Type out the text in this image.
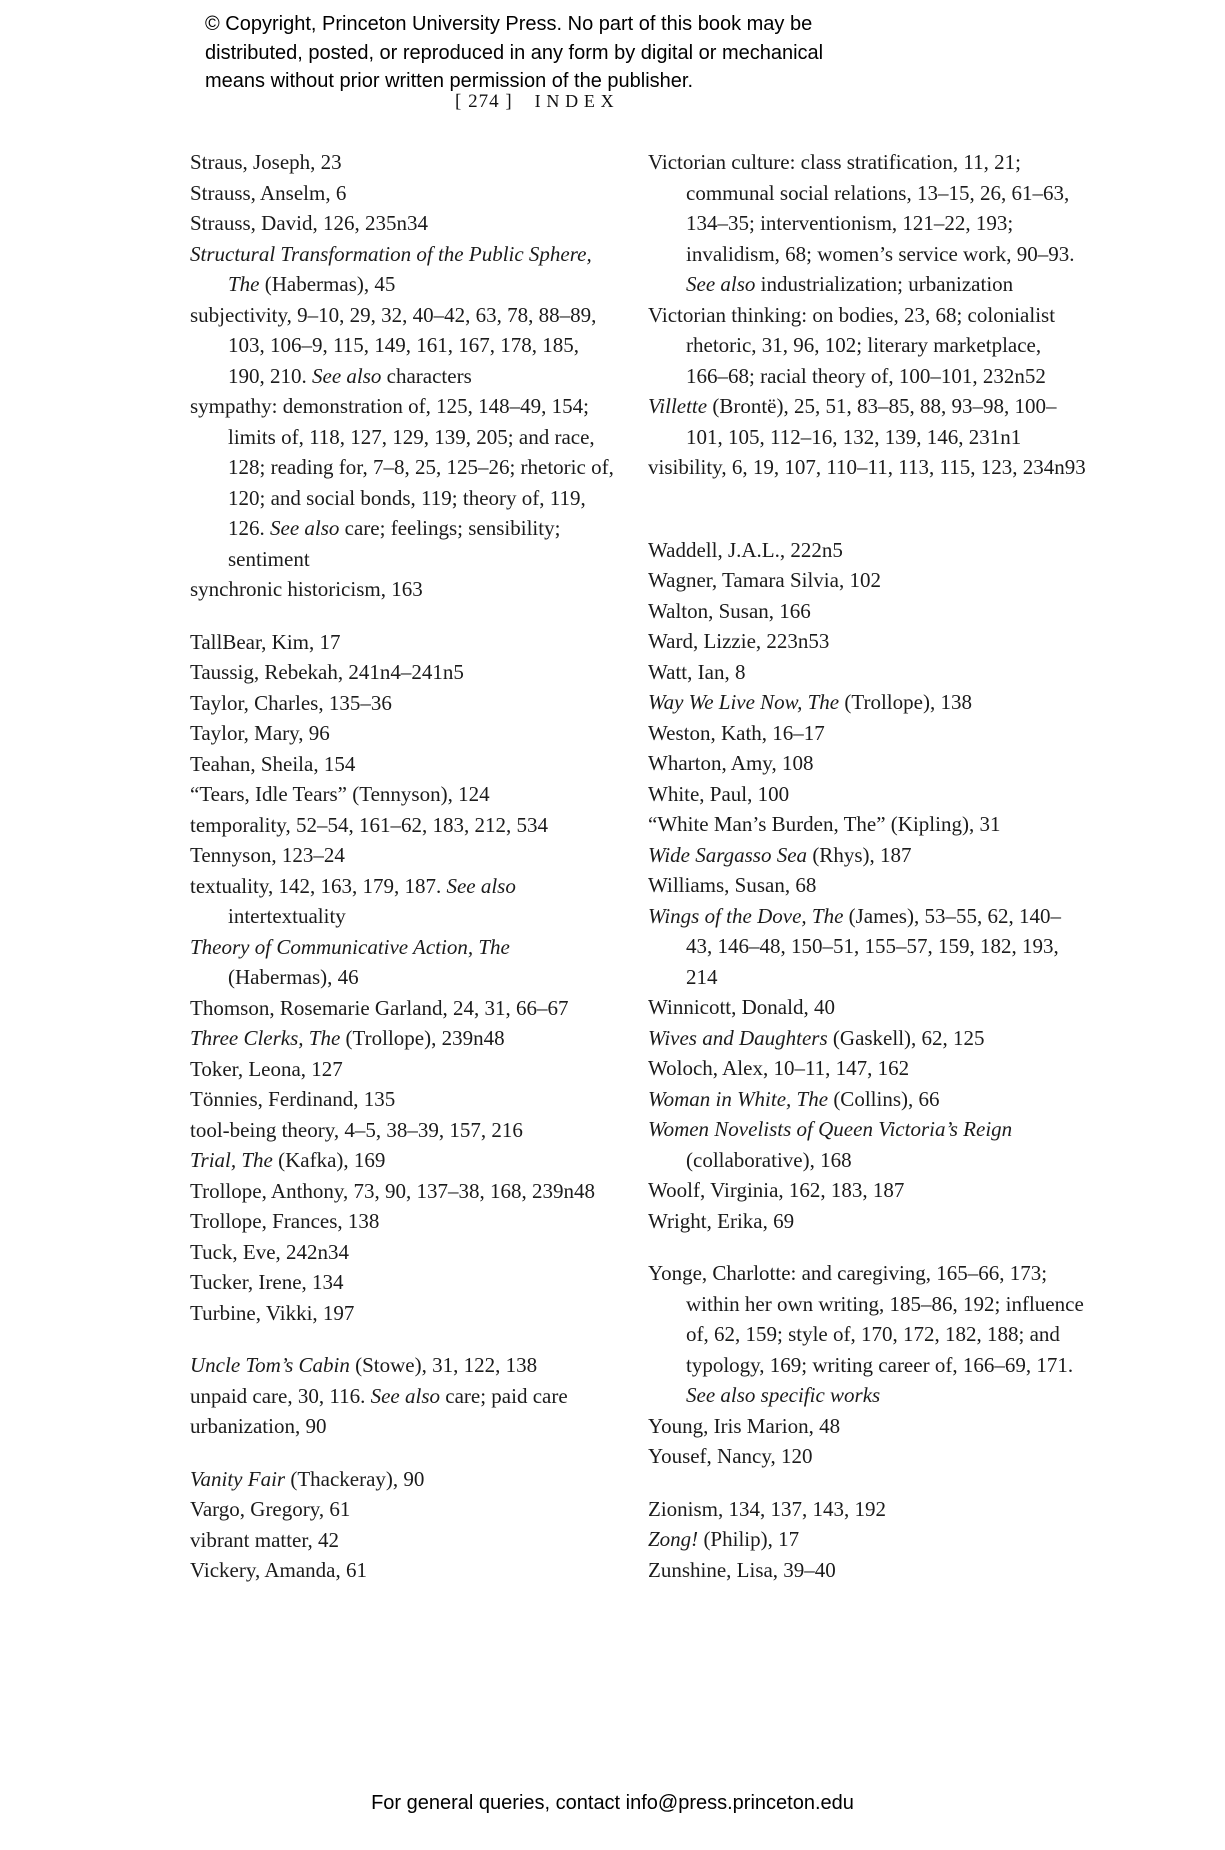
© Copyright, Princeton University Press. No part of this book may be
distributed, posted, or reproduced in any form by digital or mechanical
means without prior written permission of the publisher.
[ 274 ] INDEX

Straus, Joseph, 23

Strauss, Anselm, 6

Strauss, David, 126, 235n34

Structural Transformation of the Public Sphere, The (Habermas), 45

subjectivity, 9–10, 29, 32, 40–42, 63, 78, 88–89, 103, 106–9, 115, 149, 161, 167, 178, 185, 190, 210. See also characters

sympathy: demonstration of, 125, 148–49, 154; limits of, 118, 127, 129, 139, 205; and race, 128; reading for, 7–8, 25, 125–26; rhetoric of, 120; and social bonds, 119; theory of, 119, 126. See also care; feelings; sensibility; sentiment

synchronic historicism, 163

TallBear, Kim, 17

Taussig, Rebekah, 241n4–241n5

Taylor, Charles, 135–36

Taylor, Mary, 96

Teahan, Sheila, 154

“Tears, Idle Tears” (Tennyson), 124

temporality, 52–54, 161–62, 183, 212, 534

Tennyson, 123–24

textuality, 142, 163, 179, 187. See also intertextuality

Theory of Communicative Action, The (Habermas), 46

Thomson, Rosemarie Garland, 24, 31, 66–67

Three Clerks, The (Trollope), 239n48

Toker, Leona, 127

Tönnies, Ferdinand, 135

tool-being theory, 4–5, 38–39, 157, 216

Trial, The (Kafka), 169

Trollope, Anthony, 73, 90, 137–38, 168, 239n48

Trollope, Frances, 138

Tuck, Eve, 242n34

Tucker, Irene, 134

Turbine, Vikki, 197

Uncle Tom’s Cabin (Stowe), 31, 122, 138

unpaid care, 30, 116. See also care; paid care

urbanization, 90

Vanity Fair (Thackeray), 90

Vargo, Gregory, 61

vibrant matter, 42

Vickery, Amanda, 61

Victorian culture: class stratification, 11, 21; communal social relations, 13–15, 26, 61–63, 134–35; interventionism, 121–22, 193; invalidism, 68; women’s service work, 90–93. See also industrialization; urbanization

Victorian thinking: on bodies, 23, 68; colonialist rhetoric, 31, 96, 102; literary marketplace, 166–68; racial theory of, 100–101, 232n52

Villette (Brontë), 25, 51, 83–85, 88, 93–98, 100–101, 105, 112–16, 132, 139, 146, 231n1

visibility, 6, 19, 107, 110–11, 113, 115, 123, 234n93

Waddell, J.A.L., 222n5

Wagner, Tamara Silvia, 102

Walton, Susan, 166

Ward, Lizzie, 223n53

Watt, Ian, 8

Way We Live Now, The (Trollope), 138

Weston, Kath, 16–17

Wharton, Amy, 108

White, Paul, 100

“White Man’s Burden, The” (Kipling), 31

Wide Sargasso Sea (Rhys), 187

Williams, Susan, 68

Wings of the Dove, The (James), 53–55, 62, 140–43, 146–48, 150–51, 155–57, 159, 182, 193, 214

Winnicott, Donald, 40

Wives and Daughters (Gaskell), 62, 125

Woloch, Alex, 10–11, 147, 162

Woman in White, The (Collins), 66

Women Novelists of Queen Victoria’s Reign (collaborative), 168

Woolf, Virginia, 162, 183, 187

Wright, Erika, 69

Yonge, Charlotte: and caregiving, 165–66, 173; within her own writing, 185–86, 192; influence of, 62, 159; style of, 170, 172, 182, 188; and typology, 169; writing career of, 166–69, 171. See also specific works

Young, Iris Marion, 48

Yousef, Nancy, 120

Zionism, 134, 137, 143, 192

Zong! (Philip), 17

Zunshine, Lisa, 39–40

For general queries, contact info@press.princeton.edu
